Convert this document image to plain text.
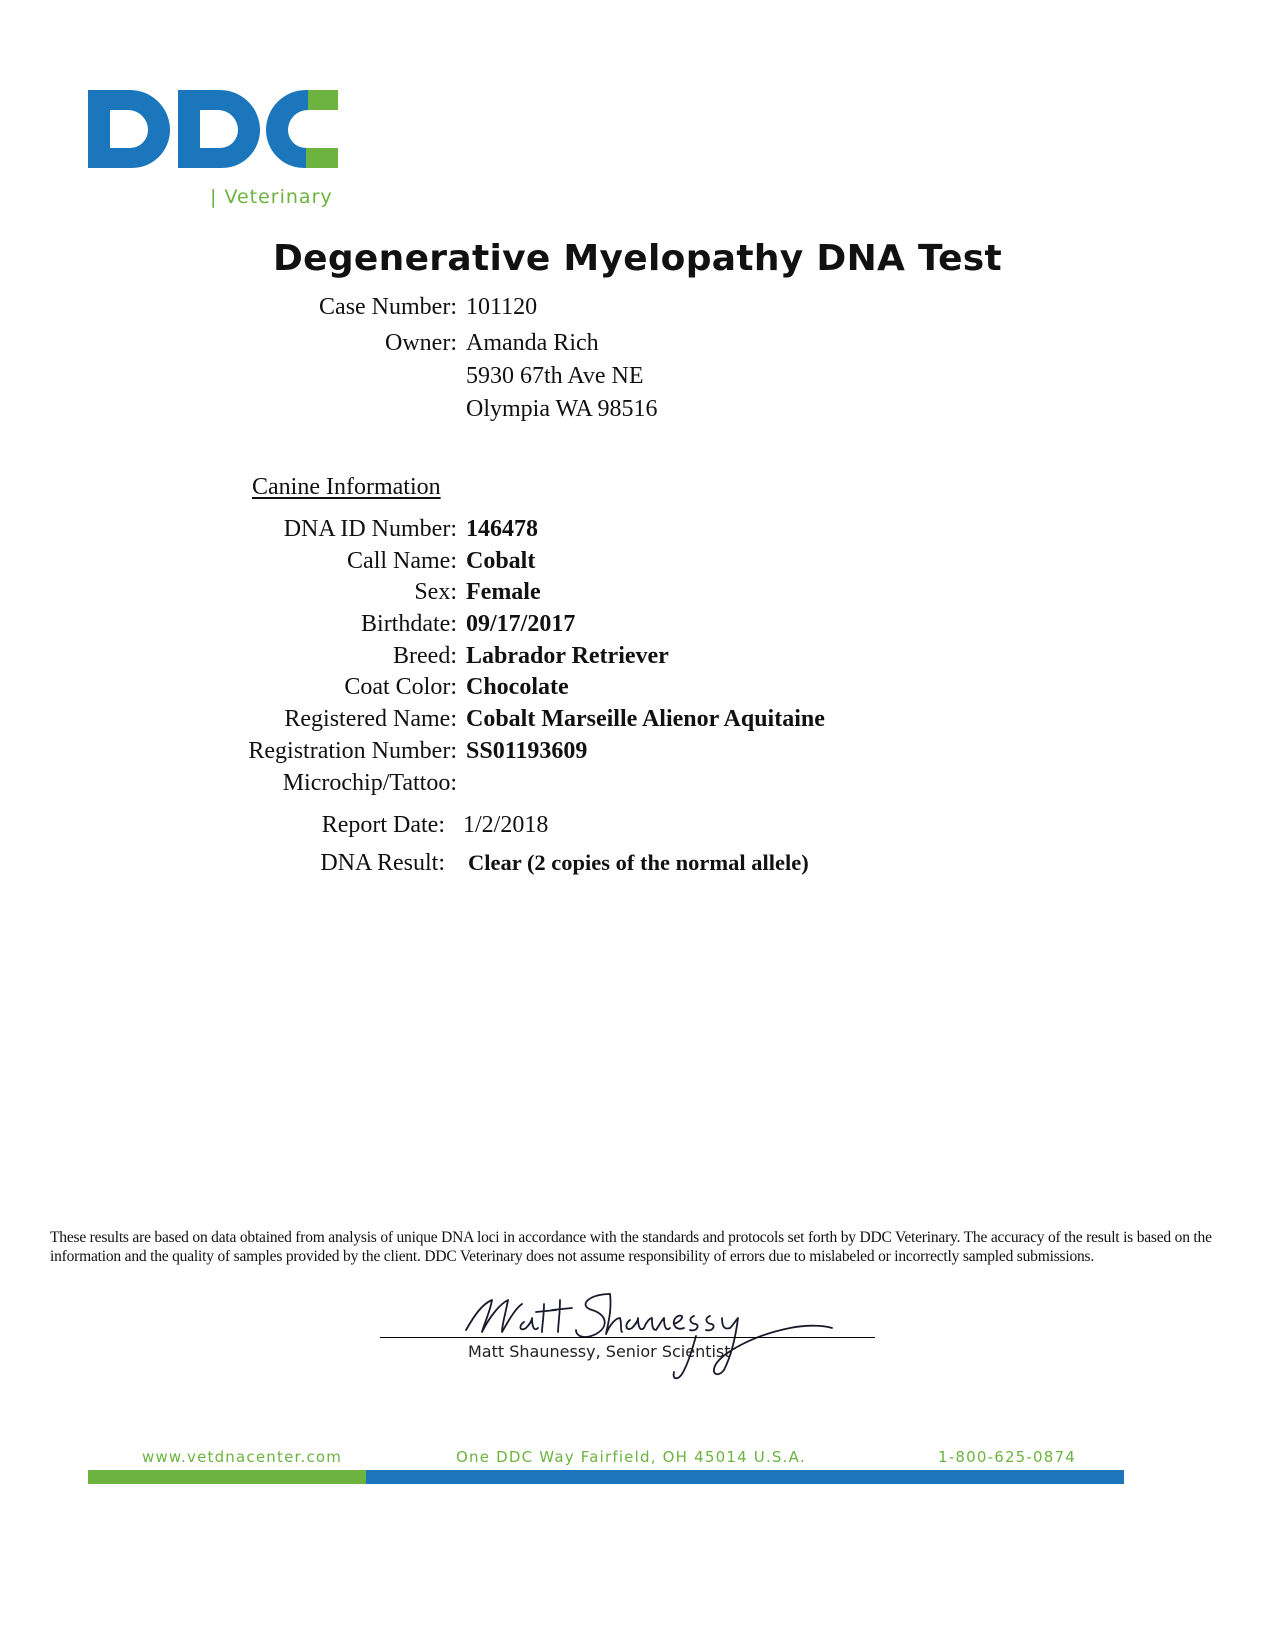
| Veterinary
Degenerative Myelopathy DNA Test
Case Number: 101120
Owner: Amanda Rich
5930 67th Ave NE
Olympia WA 98516
Canine Information
DNA ID Number: 146478
Call Name: Cobalt
Sex: Female
Birthdate: 09/17/2017
Breed: Labrador Retriever
Coat Color: Chocolate
Registered Name: Cobalt Marseille Alienor Aquitaine
Registration Number: SS01193609
Microchip/Tattoo:
Report Date: 1/2/2018
DNA Result: Clear (2 copies of the normal allele)
These results are based on data obtained from analysis of unique DNA loci in accordance with the standards and protocols set forth by DDC Veterinary. The accuracy of the result is based on the information and the quality of samples provided by the client. DDC Veterinary does not assume responsibility of errors due to mislabeled or incorrectly sampled submissions.
Matt Shaunessy, Senior Scientist
www.vetdnacenter.com	One DDC Way Fairfield, OH 45014 U.S.A.	1-800-625-0874
